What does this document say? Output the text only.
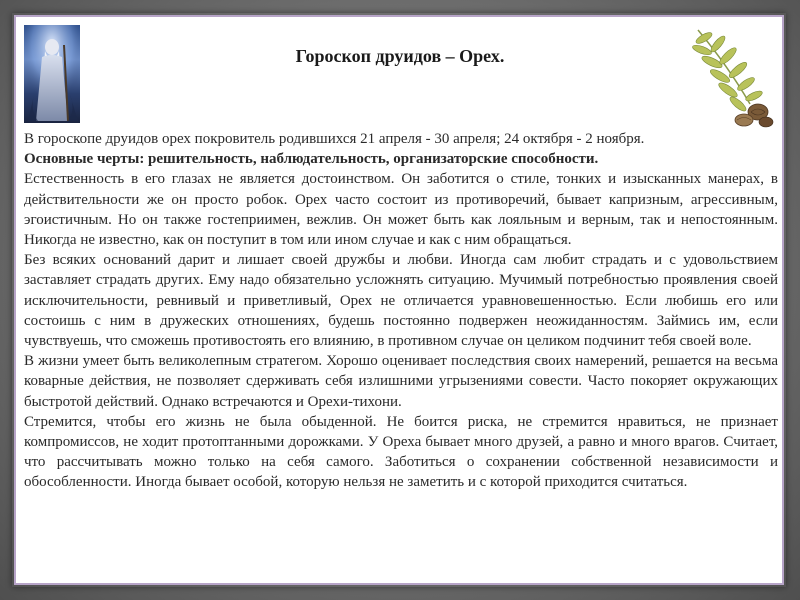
Гороскоп друидов – Орех.

В гороскопе друидов орех покровитель родившихся 21 апреля - 30 апреля; 24 октября - 2 ноября.

Основные черты: решительность, наблюдательность, организаторские способности.

Естественность в его глазах не является достоинством. Он заботится о стиле, тонких и изысканных манерах, в действительности же он просто робок. Орех часто состоит из противоречий, бывает капризным, агрессивным, эгоистичным. Но он также гостеприимен, вежлив. Он может быть как лояльным и верным, так и непостоянным. Никогда не известно, как он поступит в том или ином случае и как с ним обращаться.

Без всяких оснований дарит и лишает своей дружбы и любви. Иногда сам любит страдать и с удовольствием заставляет страдать других. Ему надо обязательно усложнять ситуацию. Мучимый потребностью проявления своей исключительности, ревнивый и приветливый, Орех не отличается уравновешенностью. Если любишь его или состоишь с ним в дружеских отношениях, будешь постоянно подвержен неожиданностям. Займись им, если чувствуешь, что сможешь противостоять его влиянию, в противном случае он целиком подчинит тебя своей воле.

В жизни умеет быть великолепным стратегом. Хорошо оценивает последствия своих намерений, решается на весьма коварные действия, не позволяет сдерживать себя излишними угрызениями совести. Часто покоряет окружающих быстротой действий. Однако встречаются и Орехи-тихони.

Стремится, чтобы его жизнь не была обыденной. Не боится риска, не стремится нравиться, не признает компромиссов, не ходит протоптанными дорожками. У Ореха бывает много друзей, а равно и много врагов. Считает, что рассчитывать можно только на себя самого. Заботиться о сохранении собственной независимости и обособленности. Иногда бывает особой, которую нельзя не заметить и с которой приходится считаться.
